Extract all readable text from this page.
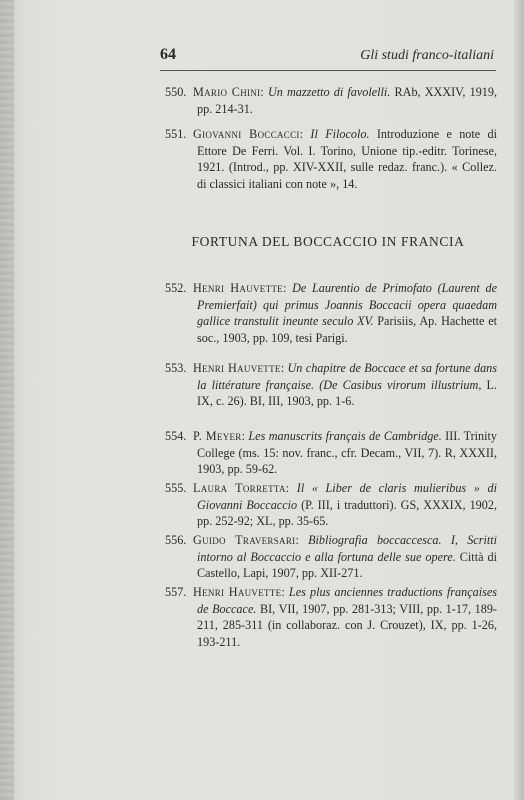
64	Gli studi franco-italiani
550. Mario Chini: Un mazzetto di favolelli. RAb, XXXIV, 1919, pp. 214-31.
551. Giovanni Boccacci: Il Filocolo. Introduzione e note di Ettore De Ferri. Vol. I. Torino, Unione tip.-editr. Torinese, 1921. (Introd., pp. XIV-XXII, sulle redaz. franc.). « Collez. di classici italiani con note », 14.
FORTUNA DEL BOCCACCIO IN FRANCIA
552. Henri Hauvette: De Laurentio de Primofato (Laurent de Premierfait) qui primus Joannis Boccacii opera quaedam gallice transtulit ineunte seculo XV. Parisiis, Ap. Hachette et soc., 1903, pp. 109, tesi Parigi.
553. Henri Hauvette: Un chapitre de Boccace et sa fortune dans la littérature française. (De Casibus virorum illustrium, L. IX, c. 26). BI, III, 1903, pp. 1-6.
554. P. Meyer: Les manuscrits français de Cambridge. III. Trinity College (ms. 15: nov. franc., cfr. Decam., VII, 7). R, XXXII, 1903, pp. 59-62.
555. Laura Torretta: Il « Liber de claris mulieribus » di Giovanni Boccaccio (P. III, i traduttori). GS, XXXIX, 1902, pp. 252-92; XL, pp. 35-65.
556. Guido Traversari: Bibliografia boccaccesca. I, Scritti intorno al Boccaccio e alla fortuna delle sue opere. Città di Castello, Lapi, 1907, pp. XII-271.
557. Henri Hauvette: Les plus anciennes traductions françaises de Boccace. BI, VII, 1907, pp. 281-313; VIII, pp. 1-17, 189-211, 285-311 (in collaboraz. con J. Crouzet), IX, pp. 1-26, 193-211.
